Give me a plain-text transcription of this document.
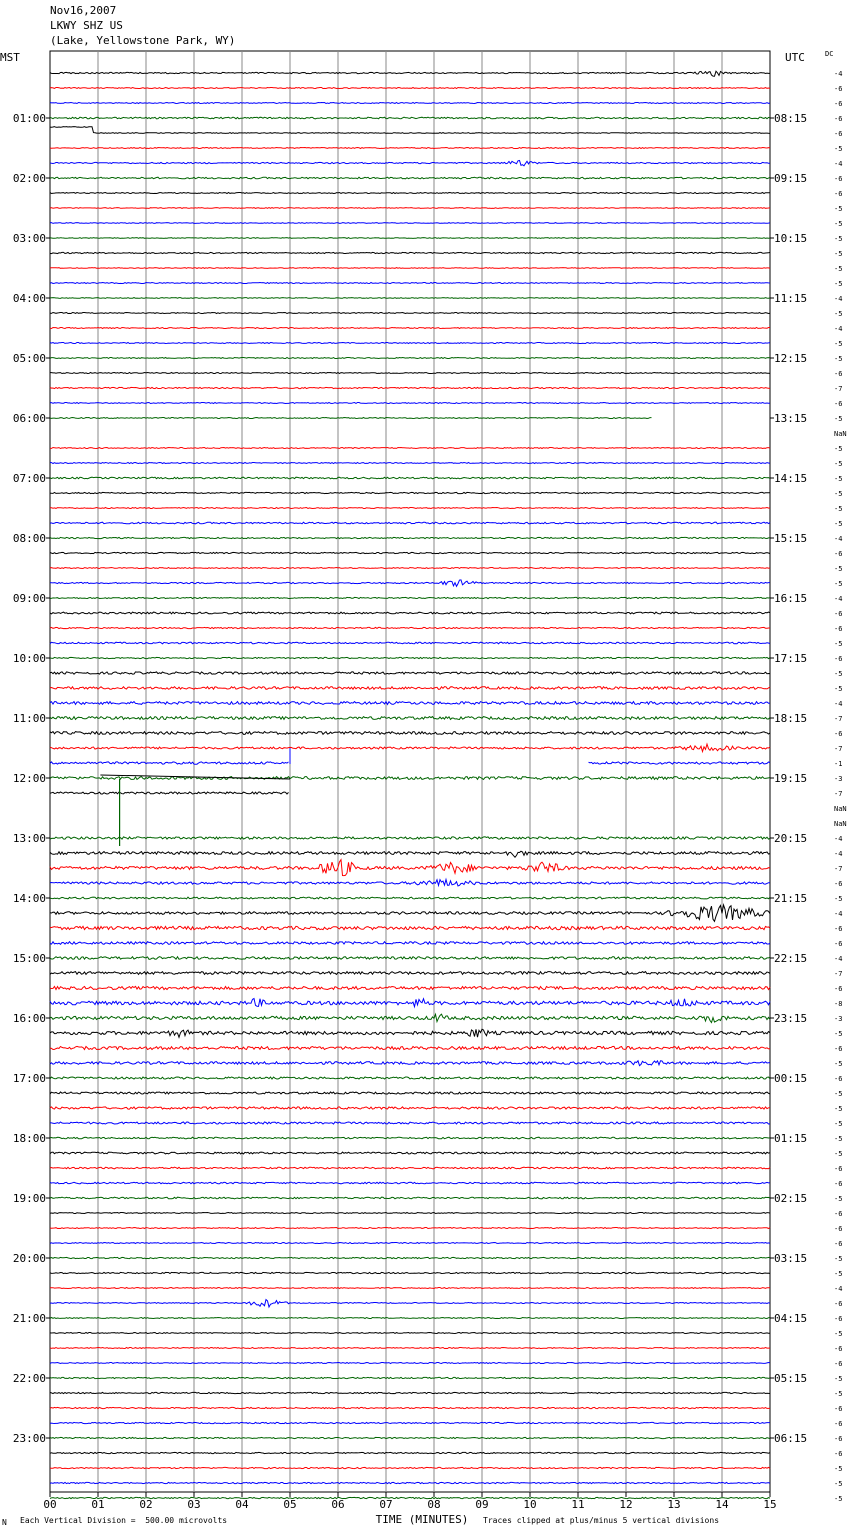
Nov16,2007
LKWY SHZ US
(Lake, Yellowstone Park, WY)
00	01	02	03	04	05	06	07	08	09	10	11	12	13	14	15
TIME (MINUTES)
MST	UTC	DC
01:00	08:15
02:00	09:15
03:00	10:15
04:00	11:15
05:00	12:15
06:00	13:15
07:00	14:15
08:00	15:15
09:00	16:15
10:00	17:15
11:00	18:15
12:00	19:15
13:00	20:15
14:00	21:15
15:00	22:15
16:00	23:15
17:00	00:15
18:00	01:15
19:00	02:15
20:00	03:15
21:00	04:15
22:00	05:15
23:00	06:15
-4
-6
-6
-6
-6
-5
-4
-6
-6
-5
-5
-5
-5
-5
-5
-4
-5
-4
-5
-5
-6
-7
-6
-5
NaN
-5
-5
-5
-5
-5
-5
-4
-6
-5
-5
-4
-6
-6
-5
-6
-5
-5
-4
-7
-6
-7
-1
-3
-7
NaN
NaN
-4
-4
-7
-6
-5
-4
-6
-6
-4
-7
-6
-8
-3
-5
-6
-5
-6
-5
-5
-5
-5
-5
-6
-6
-5
-6
-6
-6
-5
-5
-4
-6
-6
-5
-6
-6
-5
-5
-6
-6
-6
-6
-5
-5
-5
N Each Vertical Division =  500.00 microvolts	Traces clipped at plus/minus 5 vertical divisions
